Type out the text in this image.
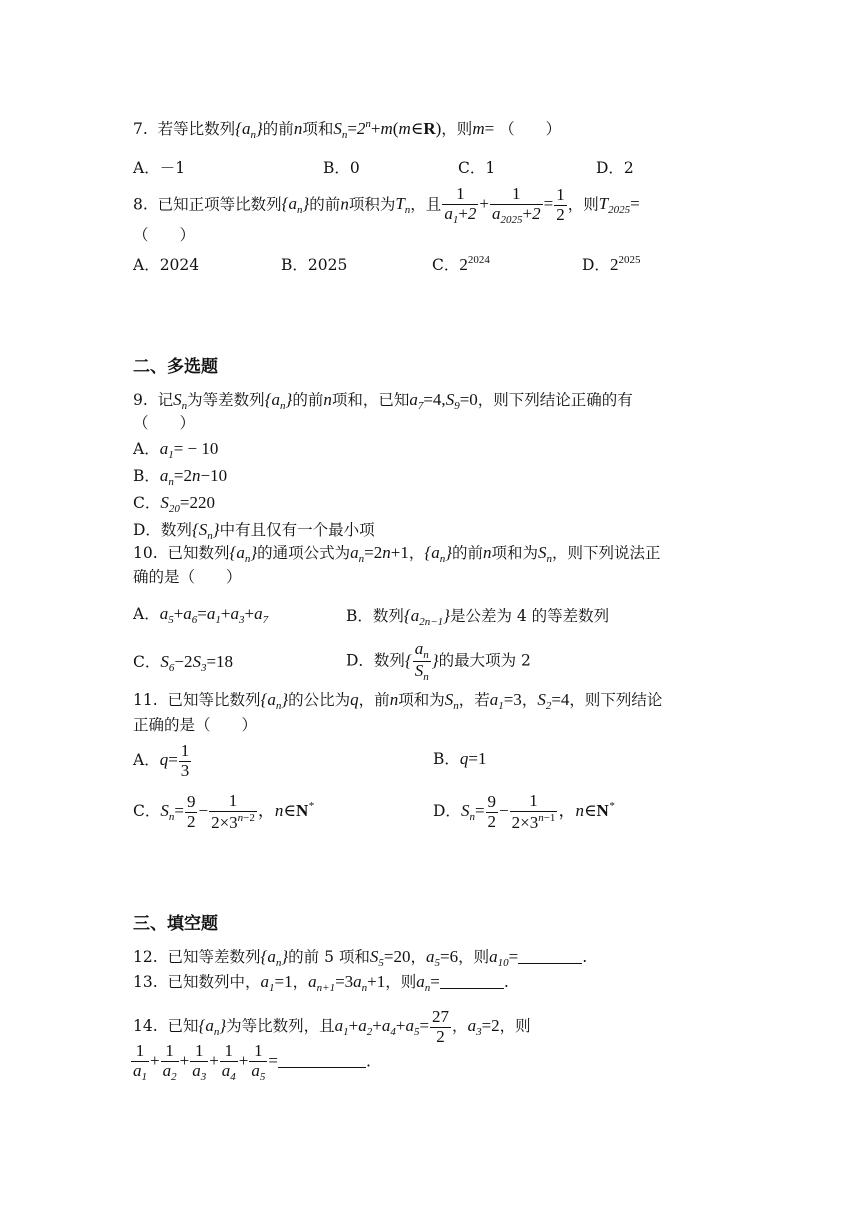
7. 若等比数列$\{a_n\}$的前n项和$S_n=2^n+m(m\in R)$，则m= （　　）
A．－1	B．0	C．1	D．2
8. 已知正项等比数列$\{a_n\}$的前n项积为$T_n$，且 $\frac{1}{a_1+2} + \frac{1}{a_{2025}+2} = \frac{1}{2}$ ，则$T_{2025}=$
（　　）
A．2024	B．2025	C．$2^{2024}$	D．$2^{2025}$
二、多选题
9. 记$S_n$为等差数列$\{a_n\}$的前n项和，已知$a_7=4,S_9=0$，则下列结论正确的有
（　　）
A．$a_1= - 10$
B．$a_n=2n-10$
C．$S_{20}=220$
D．数列$\{S_n\}$中有且仅有一个最小项
10. 已知数列$\{a_n\}$的通项公式为$a_n=2n+1$，$\{a_n\}$的前n项和为$S_n$，则下列说法正
确的是（　　）
A．$a_5+a_6=a_1+a_3+a_7$	B．数列$\{a_{2n-1}\}$是公差为 4 的等差数列
C．$S_6-2S_3=18$	D．数列{ $\frac{a_n}{S_n}$ }的最大项为 2
11. 已知等比数列$\{a_n\}$的公比为q，前n项和为$S_n$，若$a_1=3$，$S_2=4$，则下列结论
正确的是（　　）
A．$q= \frac{1}{3}$	B．q=1
C．$S_n= \frac{9}{2} - \frac{1}{2\times 3^{n-2}}$ ，n∈N*	D．$S_n= \frac{9}{2} - \frac{1}{2\times 3^{n-1}}$ ，n∈N*
三、填空题
12. 已知等差数列$\{a_n\}$的前 5 项和$S_5=20$，$a_5=6$，则$a_{10}=$	.
13. 已知数列中，$a_1=1$，$a_{n+1}=3a_n+1$，则$a_n=$	.
14. 已知$\{a_n\}$为等比数列，且$a_1+a_2+a_4+a_5= \frac{27}{2}$ ，$a_3=2$，则
$\frac{1}{a_1} + \frac{1}{a_2} + \frac{1}{a_3} + \frac{1}{a_4} + \frac{1}{a_5}$ =	.
